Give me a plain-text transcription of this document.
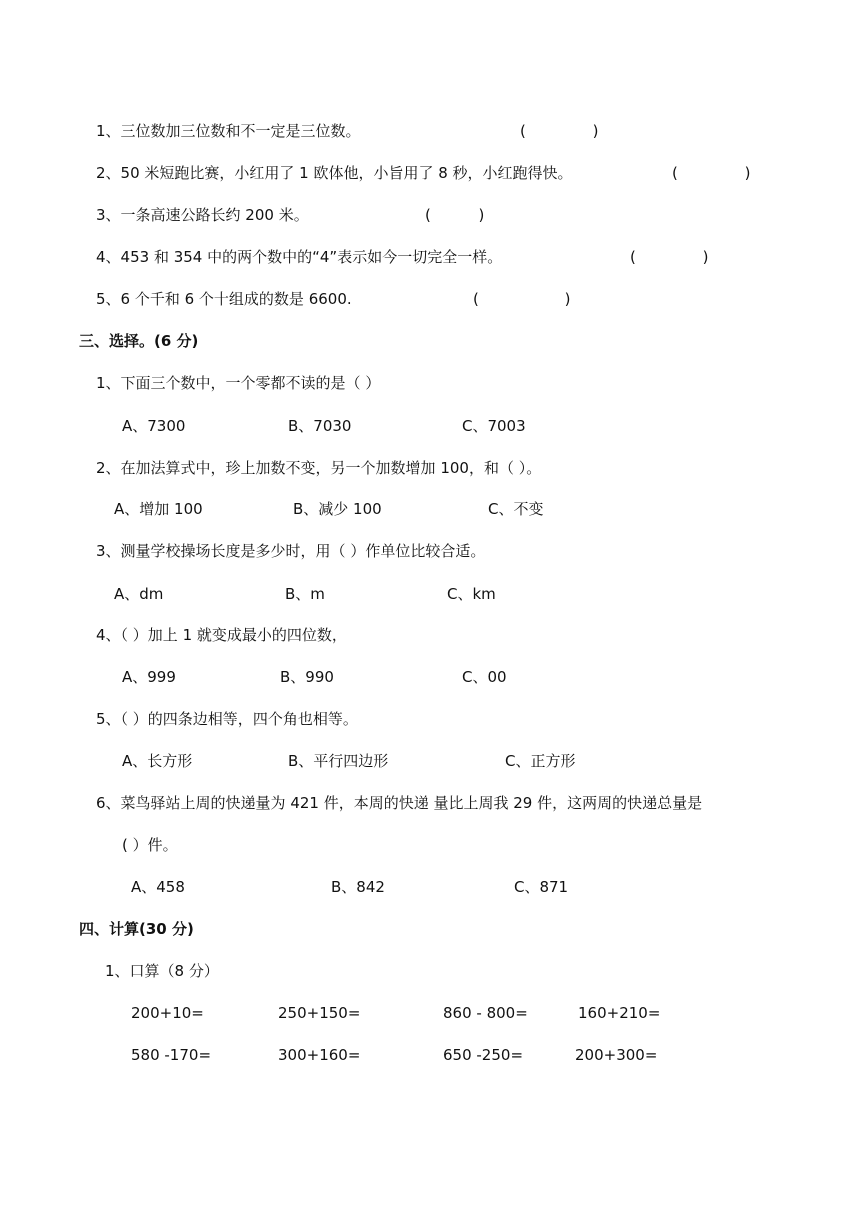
1、三位数加三位数和不一定是三位数。	(              )
2、50 米短跑比赛，小红用了 1 欧体他，小旨用了 8 秒，小红跑得快。	(              )
3、一条高速公路长约 200 米。	(          )
4、453 和 354 中的两个数中的“4”表示如今一切完全一样。	(              )
5、6 个千和 6 个十组成的数是 6600.	(                  )
三、选择。(6 分)
1、下面三个数中，一个零都不读的是（ ）
A、7300	B、7030	C、7003
2、在加法算式中，珍上加数不变，另一个加数增加 100，和（ ）。
A、增加 100	B、减少 100	C、不变
3、测量学校操场长度是多少时，用（ ）作单位比较合适。
A、dm	B、m	C、km
4、（ ）加上 1 就变成最小的四位数，
A、999	B、990	C、00
5、（ ）的四条边相等，四个角也相等。
A、长方形	B、平行四边形	C、正方形
6、菜鸟驿站上周的快递量为 421 件，本周的快递 量比上周我 29 件，这两周的快递总量是
( ）件。
A、458	B、842	C、871
四、计算(30 分)
1、口算（8 分）
200+10=	250+150=	860 - 800=	160+210=
580 -170=	300+160=	650 -250=	200+300=
